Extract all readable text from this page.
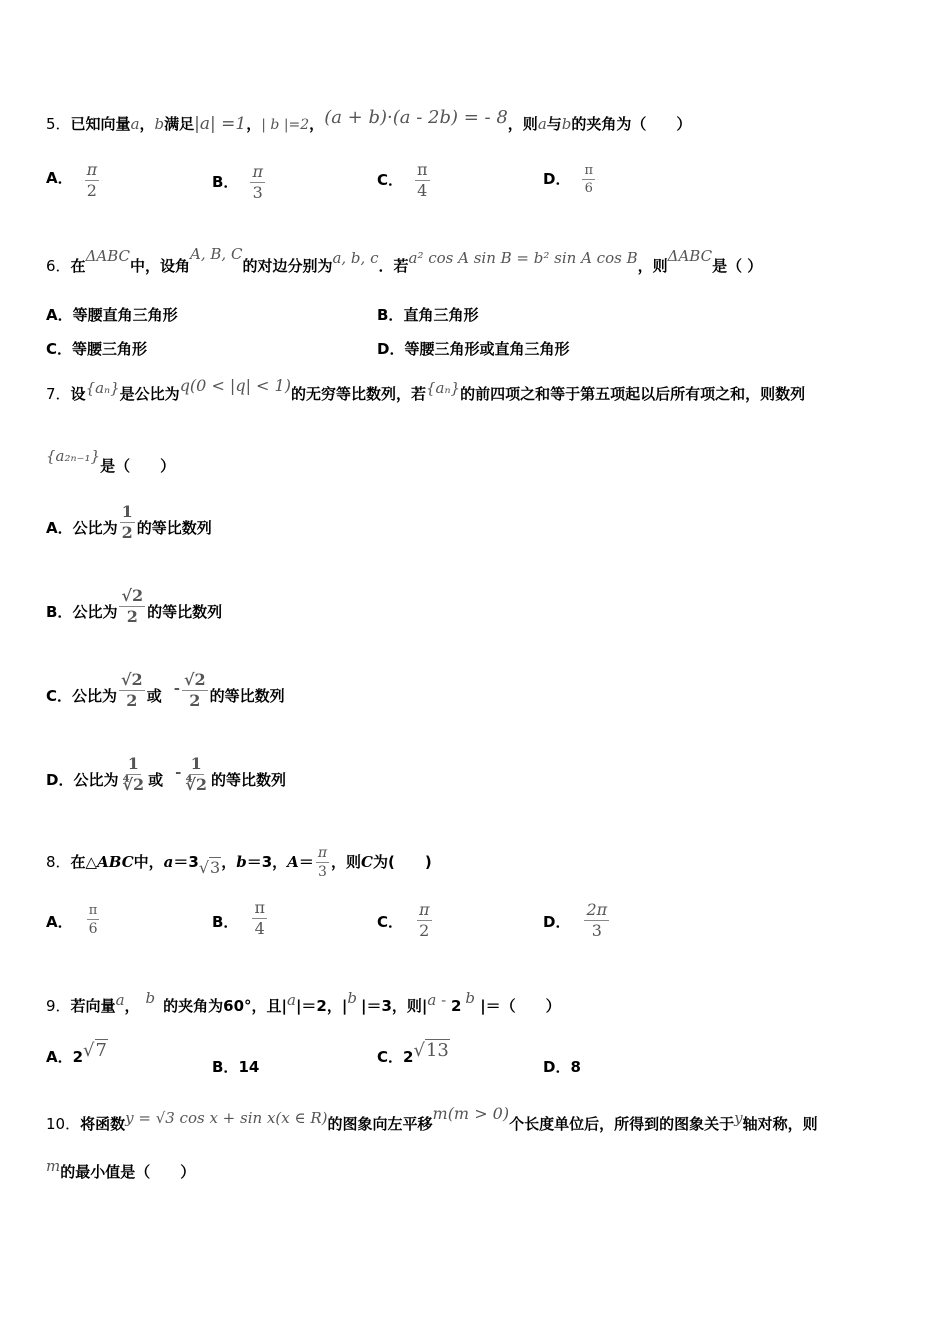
5．已知向量a，b满足|a| =1，| b |=2，(a + b)·(a - 2b) = - 8，则a与b的夹角为（　　）
A． $\frac{\pi}{2}$	B． $\frac{\pi}{3}$	C． $\frac{\pi}{4}$	D． $\frac{\pi}{6}$
6．在ΔABC中，设角A, B, C的对边分别为a, b, c．若a² cos A sin B = b² sin A cos B，则ΔABC是（ ）
A．等腰直角三角形	B．直角三角形
C．等腰三角形	D．等腰三角形或直角三角形
7．设{aₙ}是公比为q(0 < |q| < 1)的无穷等比数列，若{aₙ}的前四项之和等于第五项起以后所有项之和，则数列
{a₂ₙ₋₁}是（　　）
A．公比为 $\frac{1}{2}$ 的等比数列
B．公比为 $\frac{√2}{2}$ 的等比数列
C．公比为 $\frac{√2}{2}$ 或 - $\frac{√2}{2}$ 的等比数列
D．公比为 $\frac{1}{∜2}$ 或 - $\frac{1}{∜2}$ 的等比数列
8．在△ABC中，a＝3√3，b＝3，$A= \frac{\pi}{3}$ ，则C为(　　)
A． $\frac{\pi}{6}$	B． $\frac{\pi}{4}$	C． $\frac{\pi}{2}$	D． $\frac{2\pi}{3}$
9．若向量a， b 的夹角为60°，且|a|＝2，|b |＝3，则|a - 2 b |＝（　　）
A．2√7
B．14
C．2√13
D．8
10．将函数y = √3 cos x + sin x(x ∈ R)的图象向左平移m(m > 0)个长度单位后，所得到的图象关于y轴对称，则
m的最小值是（　　）
